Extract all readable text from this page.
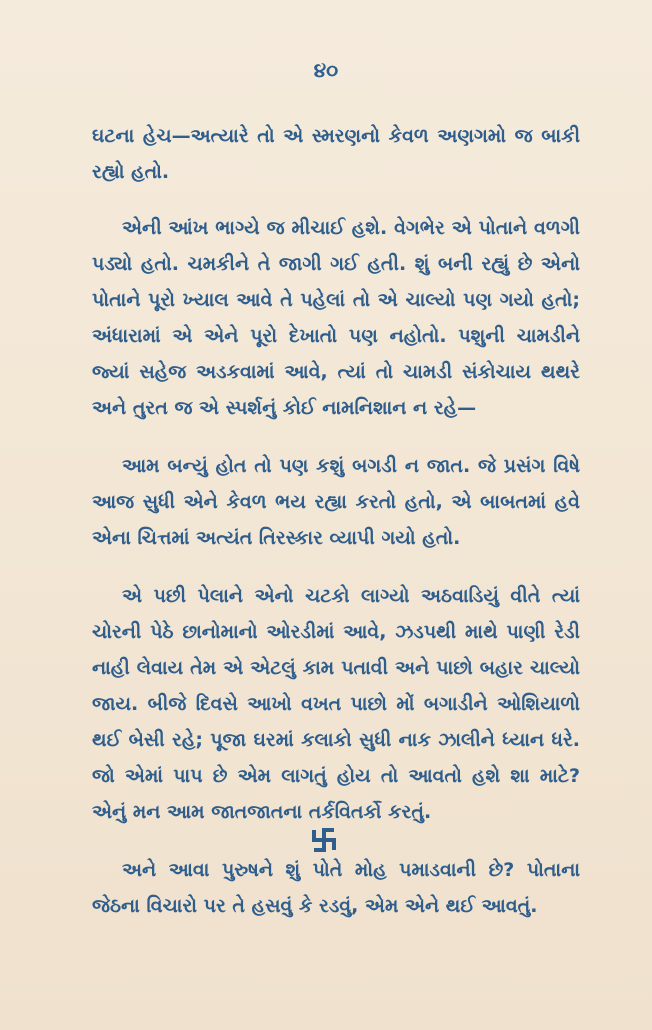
૪૦

ઘટના હેચ—અત્યારે તો એ સ્મરણનો કેવળ અણગમો જ બાકી રહ્યો હતો.

એની આંખ ભાગ્યે જ મીચાઈ હશે. વેગભેર એ પોતાને વળગી પડ્યો હતો. ચમકીને તે જાગી ગઈ હતી. શું બની રહ્યું છે એનો પોતાને પૂરો ખ્યાલ આવે તે પહેલાં તો એ ચાલ્યો પણ ગયો હતો; અંધારામાં એ એને પૂરો દેખાતો પણ નહોતો. પશુની ચામડીને જ્યાં સહેજ અડકવામાં આવે, ત્યાં તો ચામડી સંકોચાય થથરે અને તુરત જ એ સ્પર્શનું કોઈ નામનિશાન ન રહે—

આમ બન્યું હોત તો પણ કશું બગડી ન જાત. જે પ્રસંગ વિષે આજ સુધી એને કેવળ ભય રહ્યા કરતો હતો, એ બાબતમાં હવે એના ચિત્તમાં અત્યંત તિરસ્કાર વ્યાપી ગયો હતો.

એ પછી પેલાને એનો ચટકો લાગ્યો અઠવાડિયું વીતે ત્યાં ચોરની પેઠે છાનોમાનો ઓરડીમાં આવે, ઝડપથી માથે પાણી રેડી નાહી લેવાય તેમ એ એટલું કામ પતાવી અને પાછો બહાર ચાલ્યો જાય. બીજે દિવસે આખો વખત પાછો મોં બગાડીને ઓશિયાળો થઈ બેસી રહે; પૂજા ઘરમાં કલાકો સુધી નાક ઝાલીને ધ્યાન ધરે. જો એમાં પાપ છે એમ લાગતું હોય તો આવતો હશે શા માટે? એનું મન આમ જાતજાતના તર્કવિતર્કો કરતું.

અને આવા પુરુષને શું પોતે મોહ પમાડવાની છે? પોતાના જેઠના વિચારો પર તે હસવું કે રડવું, એમ એને થઈ આવતું.
